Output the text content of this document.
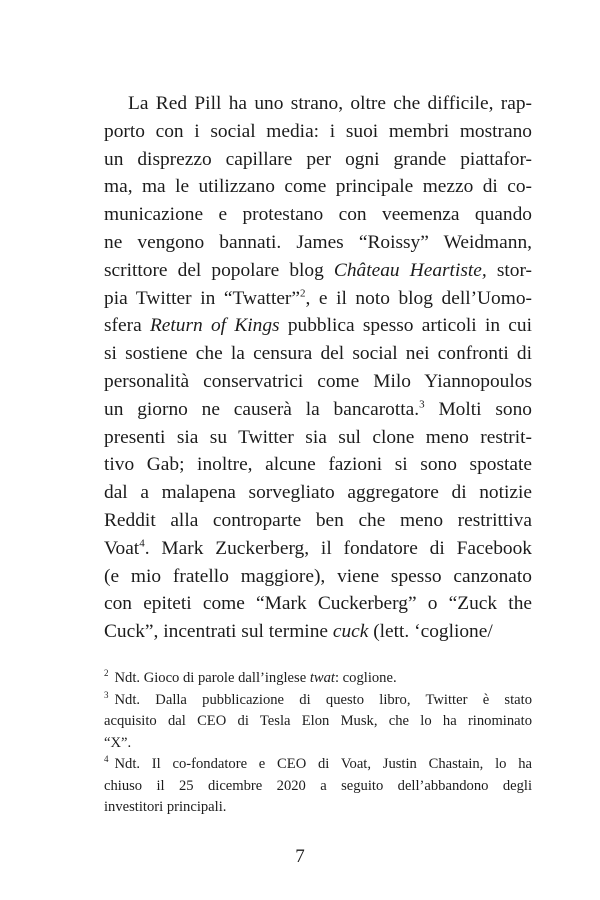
La Red Pill ha uno strano, oltre che difficile, rap-
porto con i social media: i suoi membri mostrano
un disprezzo capillare per ogni grande piattafor-
ma, ma le utilizzano come principale mezzo di co-
municazione e protestano con veemenza quando
ne vengono bannati. James “Roissy” Weidmann,
scrittore del popolare blog Château Heartiste, stor-
pia Twitter in “Twatter”$^2$, e il noto blog dell’Uomo-
sfera Return of Kings pubblica spesso articoli in cui
si sostiene che la censura del social nei confronti di
personalità conservatrici come Milo Yiannopoulos
un giorno ne causerà la bancarotta.$^3$ Molti sono
presenti sia su Twitter sia sul clone meno restrit-
tivo Gab; inoltre, alcune fazioni si sono spostate
dal a malapena sorvegliato aggregatore di notizie
Reddit alla controparte ben che meno restrittiva
Voat$^4$. Mark Zuckerberg, il fondatore di Facebook
(e mio fratello maggiore), viene spesso canzonato
con epiteti come “Mark Cuckerberg” o “Zuck the
Cuck”, incentrati sul termine cuck (lett. ‘coglione/
$^2$ Ndt. Gioco di parole dall’inglese twat: coglione.
$^3$ Ndt. Dalla pubblicazione di questo libro, Twitter è stato
acquisito dal CEO di Tesla Elon Musk, che lo ha rinominato
“X”.
$^4$ Ndt. Il co-fondatore e CEO di Voat, Justin Chastain, lo ha
chiuso il 25 dicembre 2020 a seguito dell’abbandono degli
investitori principali.
7
